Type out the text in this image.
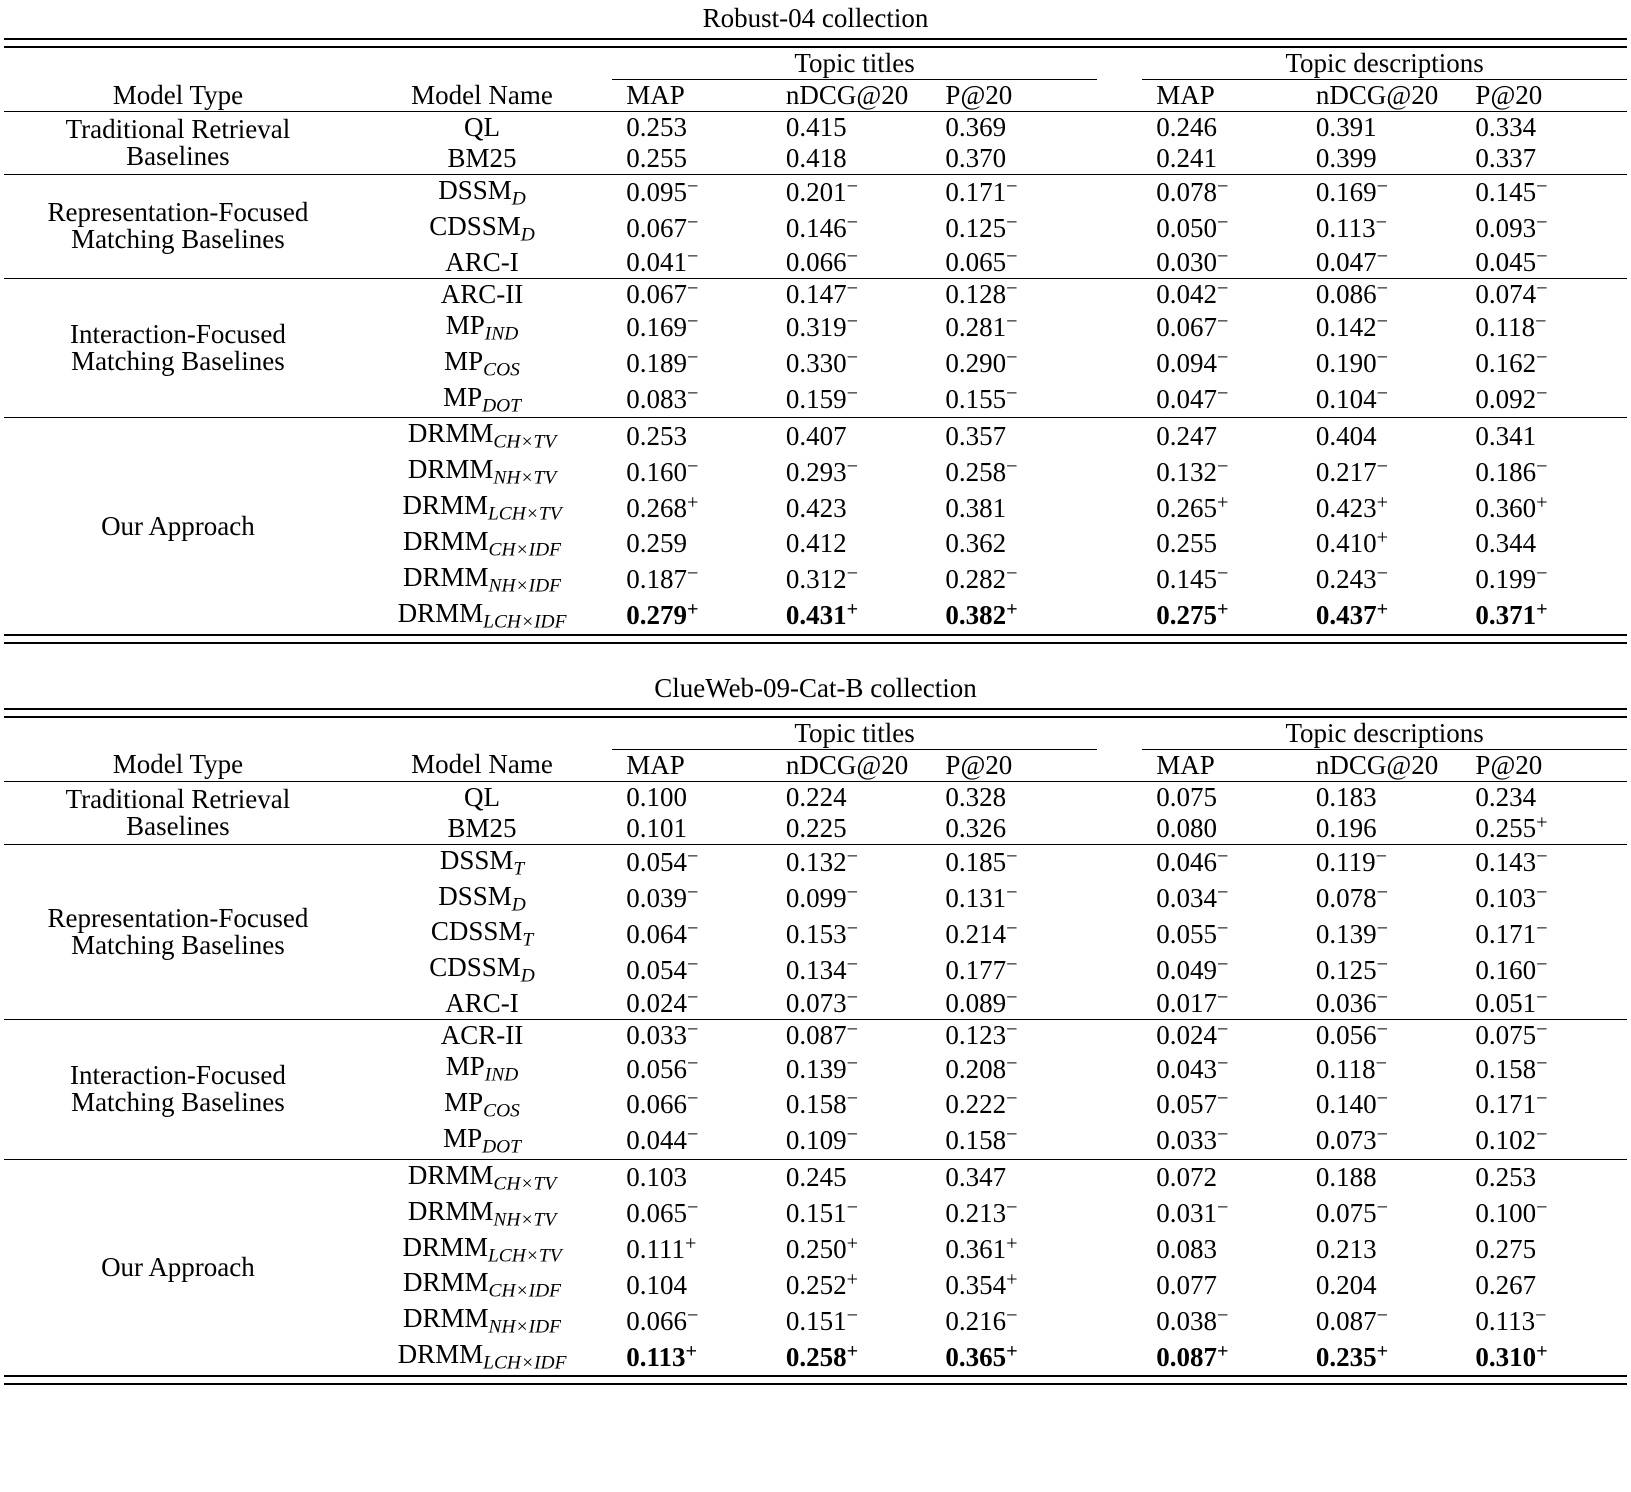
Robust-04 collection

		Topic titles				Topic descriptions		
Model Type	Model Name	MAP	nDCG@20	P@20		MAP	nDCG@20	P@20

Traditional Retrieval
Baselines	QL	0.253	0.415	0.369		0.246	0.391	0.334
	BM25	0.255	0.418	0.370		0.241	0.399	0.337

Representation-Focused
Matching Baselines	$DSSM_D$	0.095−	0.201−	0.171−		0.078−	0.169−	0.145−
	$CDSSM_D$	0.067−	0.146−	0.125−		0.050−	0.113−	0.093−
	ARC-I	0.041−	0.066−	0.065−		0.030−	0.047−	0.045−

Interaction-Focused
Matching Baselines	ARC-II	0.067−	0.147−	0.128−		0.042−	0.086−	0.074−
	$MP_{IND}$	0.169−	0.319−	0.281−		0.067−	0.142−	0.118−
	$MP_{COS}$	0.189−	0.330−	0.290−		0.094−	0.190−	0.162−
	$MP_{DOT}$	0.083−	0.159−	0.155−		0.047−	0.104−	0.092−

Our Approach	$DRMM_{CH\times TV}$	0.253	0.407	0.357		0.247	0.404	0.341
	$DRMM_{NH\times TV}$	0.160−	0.293−	0.258−		0.132−	0.217−	0.186−
	$DRMM_{LCH\times TV}$	0.268+	0.423	0.381		0.265+	0.423+	0.360+
	$DRMM_{CH\times IDF}$	0.259	0.412	0.362		0.255	0.410+	0.344
	$DRMM_{NH\times IDF}$	0.187−	0.312−	0.282−		0.145−	0.243−	0.199−
	$DRMM_{LCH\times IDF}$	0.279+	0.431+	0.382+		0.275+	0.437+	0.371+

ClueWeb-09-Cat-B collection

		Topic titles				Topic descriptions		
Model Type	Model Name	MAP	nDCG@20	P@20		MAP	nDCG@20	P@20

Traditional Retrieval
Baselines	QL	0.100	0.224	0.328		0.075	0.183	0.234
	BM25	0.101	0.225	0.326		0.080	0.196	0.255+

Representation-Focused
Matching Baselines	$DSSM_T$	0.054−	0.132−	0.185−		0.046−	0.119−	0.143−
	$DSSM_D$	0.039−	0.099−	0.131−		0.034−	0.078−	0.103−
	$CDSSM_T$	0.064−	0.153−	0.214−		0.055−	0.139−	0.171−
	$CDSSM_D$	0.054−	0.134−	0.177−		0.049−	0.125−	0.160−
	ARC-I	0.024−	0.073−	0.089−		0.017−	0.036−	0.051−

Interaction-Focused
Matching Baselines	ACR-II	0.033−	0.087−	0.123−		0.024−	0.056−	0.075−
	$MP_{IND}$	0.056−	0.139−	0.208−		0.043−	0.118−	0.158−
	$MP_{COS}$	0.066−	0.158−	0.222−		0.057−	0.140−	0.171−
	$MP_{DOT}$	0.044−	0.109−	0.158−		0.033−	0.073−	0.102−

Our Approach	$DRMM_{CH\times TV}$	0.103	0.245	0.347		0.072	0.188	0.253
	$DRMM_{NH\times TV}$	0.065−	0.151−	0.213−		0.031−	0.075−	0.100−
	$DRMM_{LCH\times TV}$	0.111+	0.250+	0.361+		0.083	0.213	0.275
	$DRMM_{CH\times IDF}$	0.104	0.252+	0.354+		0.077	0.204	0.267
	$DRMM_{NH\times IDF}$	0.066−	0.151−	0.216−		0.038−	0.087−	0.113−
	$DRMM_{LCH\times IDF}$	0.113+	0.258+	0.365+		0.087+	0.235+	0.310+
